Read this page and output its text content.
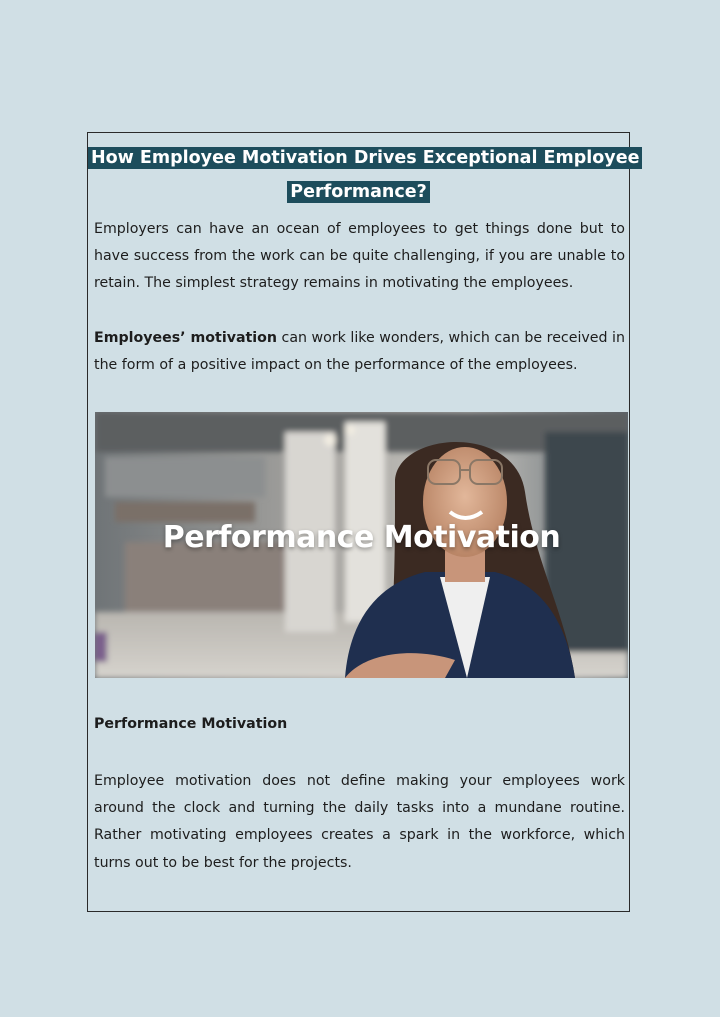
How Employee Motivation Drives Exceptional Employee
Performance?

Employers can have an ocean of employees to get things done but to have success from the work can be quite challenging, if you are unable to retain. The simplest strategy remains in motivating the employees.

Employees’ motivation can work like wonders, which can be received in the form of a positive impact on the performance of the employees.

Performance Motivation
Performance Motivation

Employee motivation does not define making your employees work around the clock and turning the daily tasks into a mundane routine. Rather motivating employees creates a spark in the workforce, which turns out to be best for the projects.
